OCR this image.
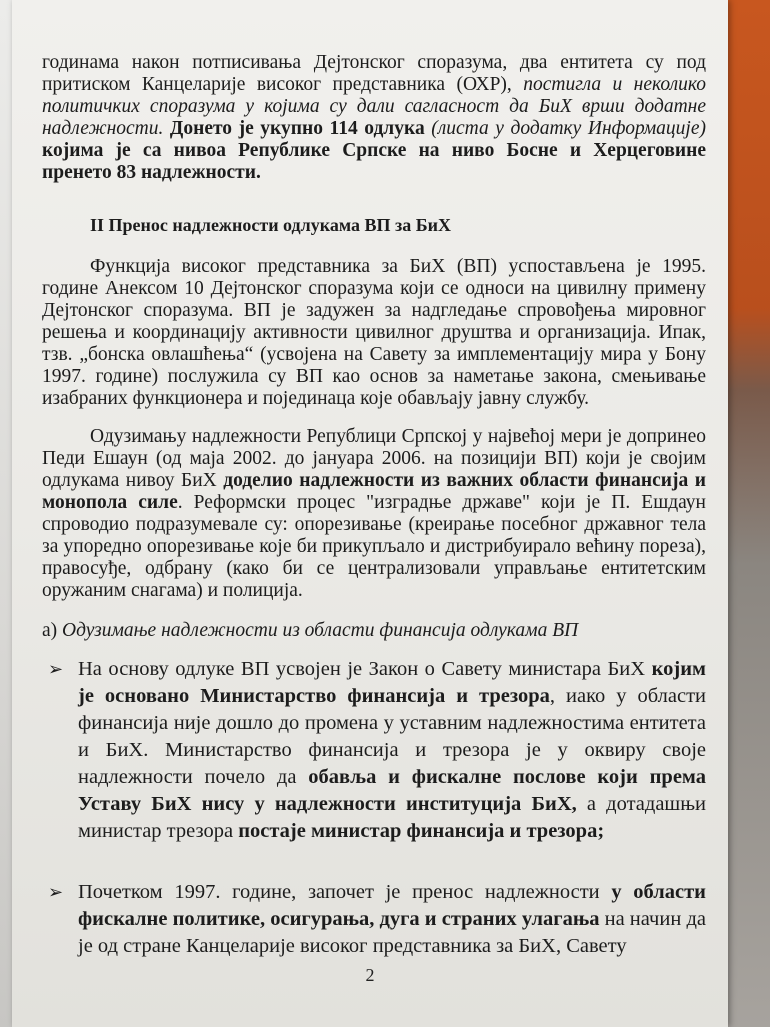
годинама након потписивања Дејтонског споразума, два ентитета су под притиском Канцеларије високог представника (ОХР), постигла и неколико политичких споразума у којима су дали сагласност да БиХ врши додатне надлежности. Донето је укупно 114 одлука (листа у додатку Информације) којима је са нивоа Републике Српске на ниво Босне и Херцеговине пренето 83 надлежности.

II Пренос надлежности одлукама ВП за БиХ

Функција високог представника за БиХ (ВП) успостављена је 1995. године Анексом 10 Дејтонског споразума који се односи на цивилну примену Дејтонског споразума. ВП је задужен за надгледање спровођења мировног решења и координацију активности цивилног друштва и организација. Ипак, тзв. „бонска овлашћења“ (усвојена на Савету за имплементацију мира у Бону 1997. године) послужила су ВП као основ за наметање закона, смењивање изабраних функционера и појединаца које обављају јавну службу.

Одузимању надлежности Републици Српској у највећој мери је допринео Педи Ешаун (од маја 2002. до јануара 2006. на позицији ВП) који је својим одлукама нивоу БиХ доделио надлежности из важних области финансија и монопола силе. Реформски процес "изградње државе" који је П. Ешдаун спроводио подразумевале су: опорезивање (креирање посебног државног тела за упоредно опорезивање које би прикупљало и дистрибуирало већину пореза), правосуђе, одбрану (како би се централизовали управљање ентитетским оружаним снагама) и полиција.

а) Одузимање надлежности из области финансија одлукама ВП

➢ На основу одлуке ВП усвојен је Закон о Савету министара БиХ којим је основано Министарство финансија и трезора, иако у области финансија није дошло до промена у уставним надлежностима ентитета и БиХ. Министарство финансија и трезора је у оквиру своје надлежности почело да обавља и фискалне послове који према Уставу БиХ нису у надлежности институција БиХ, а дотадашњи министар трезора постаје министар финансија и трезора;
➢ Почетком 1997. године, започет је пренос надлежности у области фискалне политике, осигурања, дуга и страних улагања на начин да је од стране Канцеларије високог представника за БиХ, Савету
2
